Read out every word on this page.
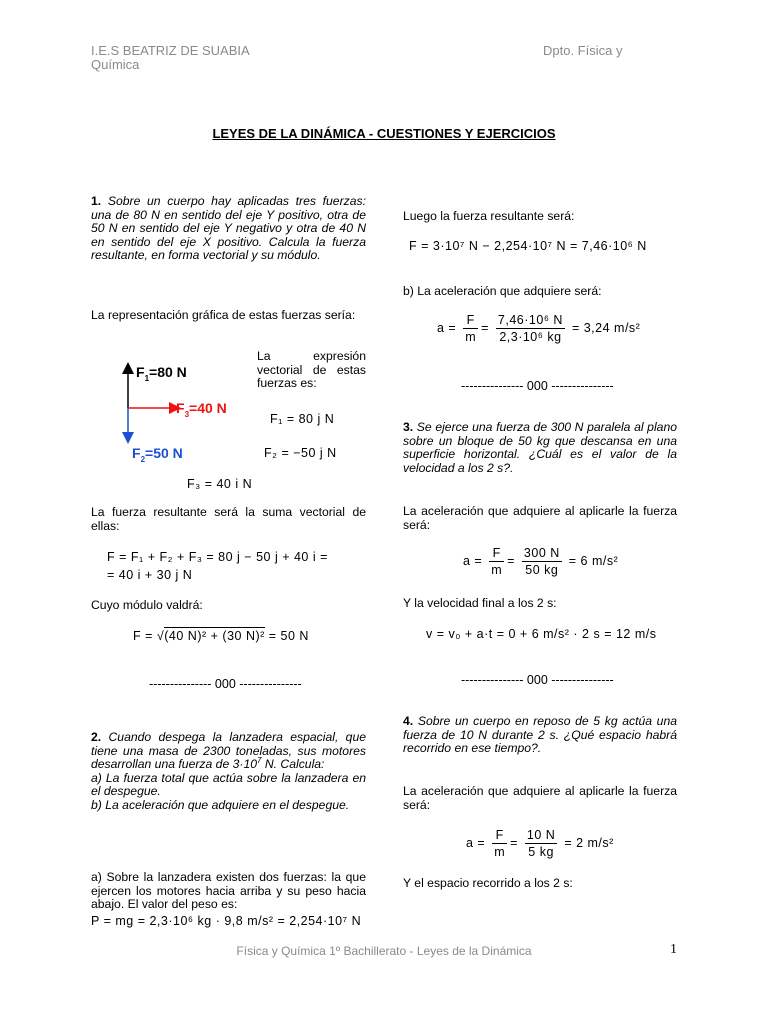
I.E.S BEATRIZ DE SUABIA	Dpto. Física y
Química
LEYES DE LA DINÁMICA - CUESTIONES Y EJERCICIOS
1. Sobre un cuerpo hay aplicadas tres fuerzas: una de 80 N en sentido del eje Y positivo, otra de 50 N en sentido del eje Y negativo y otra de 40 N en sentido del eje X positivo. Calcula la fuerza resultante, en forma vectorial y su módulo.
La representación gráfica de estas fuerzas sería:
$F_1=80$ N
$F_3=40$ N
$F_2=50$ N
La expresión vectorial de estas fuerzas es:
F₁ = 80 j N
F₂ = −50 j N
F₃ = 40 i N
La fuerza resultante será la suma vectorial de ellas:
F = F₁ + F₂ + F₃ = 80 j − 50 j + 40 i =
= 40 i + 30 j N
Cuyo módulo valdrá:
F = √(40 N)² + (30 N)² = 50 N
--------------- 000 ---------------
2. Cuando despega la lanzadera espacial, que tiene una masa de 2300 toneladas, sus motores desarrollan una fuerza de $3\cdot 10^7$ N. Calcula:
a) La fuerza total que actúa sobre la lanzadera en el despegue.
b) La aceleración que adquiere en el despegue.
a) Sobre la lanzadera existen dos fuerzas: la que ejercen los motores hacia arriba y su peso hacia abajo. El valor del peso es:
P = mg = 2,3·10⁶ kg · 9,8 m/s² = 2,254·10⁷ N
Luego la fuerza resultante será:
F = 3·10⁷ N − 2,254·10⁷ N = 7,46·10⁶ N
b) La aceleración que adquiere será:
$a = \frac{F}{m} = \frac{\text{7,46·10⁶ N}}{\text{2,3·10⁶ kg}} = 3,24$ m/s²
--------------- 000 ---------------
3. Se ejerce una fuerza de 300 N paralela al plano sobre un bloque de 50 kg que descansa en una superficie horizontal. ¿Cuál es el valor de la velocidad a los 2 s?.
La aceleración que adquiere al aplicarle la fuerza será:
$a = \frac{F}{m} = \frac{300 N}{50 kg} = 6$ m/s²
Y la velocidad final a los 2 s:
v = v₀ + a·t = 0 + 6 m/s² · 2 s = 12 m/s
--------------- 000 ---------------
4. Sobre un cuerpo en reposo de 5 kg actúa una fuerza de 10 N durante 2 s. ¿Qué espacio habrá recorrido en ese tiempo?.
La aceleración que adquiere al aplicarle la fuerza será:
$a = \frac{F}{m} = \frac{10 N}{5 kg} = 2$ m/s²
Y el espacio recorrido a los 2 s:
Física y Química 1º Bachillerato - Leyes de la Dinámica	1
